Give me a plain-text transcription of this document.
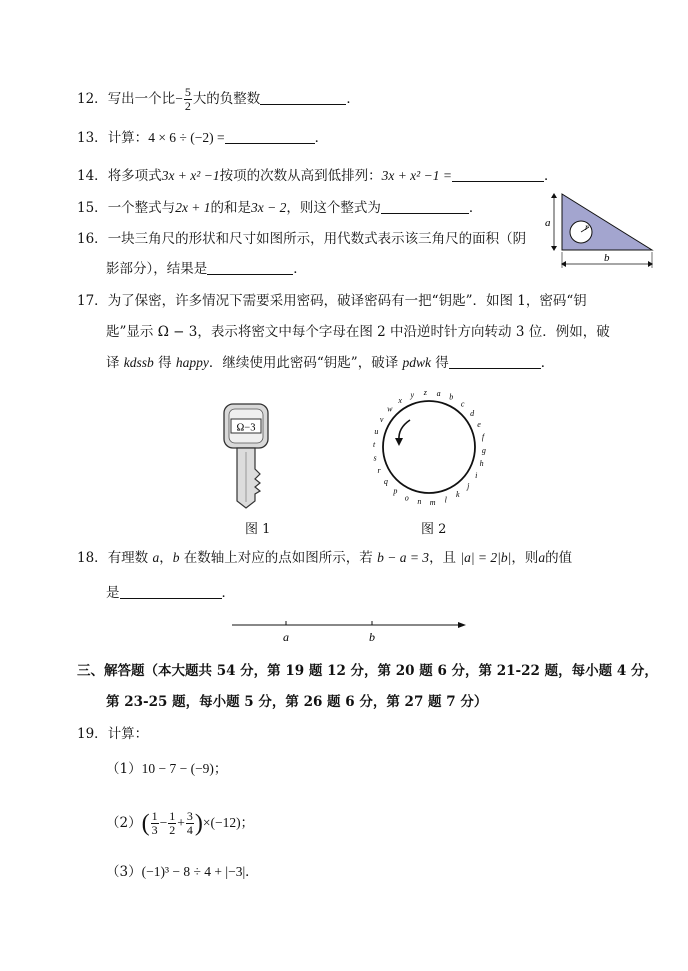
12．写出一个比− $\frac{5}{2}$ 大的负整数	．
13．计算：4 × 6 ÷ (−2) =	．
14．将多项式3x + x² −1按项的次数从高到低排列：3x + x² −1 =	．
15．一个整式与2x + 1的和是3x − 2，则这个整式为	．
16．一块三角尺的形状和尺寸如图所示，用代数式表示该三角尺的面积（阴
影部分），结果是	．
a	r
b
17．为了保密，许多情况下需要采用密码，破译密码有一把“钥匙”．如图 1，密码“钥
匙”显示 Ω − 3，表示将密文中每个字母在图 2 中沿逆时针方向转动 3 位．例如，破
译 kdssb 得 happy．继续使用此密码“钥匙”，破译 pdwk 得	．
Ω−3
图 1
a b
c
d
e
f
g
h
i
j
k
l
m
n
o
p
q
r
s
t
u
v
w
x
y z
图 2
18．有理数 a，b 在数轴上对应的点如图所示，若 b − a = 3，且 |a| = 2|b|，则a的值
是	．
a	b
三、解答题（本大题共 54 分，第 19 题 12 分，第 20 题 6 分，第 21-22 题，每小题 4 分，
第 23-25 题，每小题 5 分，第 26 题 6 分，第 27 题 7 分）
19．计算：
（1）10 − 7 − (−9)；
$(2)( \frac{1}{3} - \frac{1}{2} + \frac{3}{4} )\times(-12)$；
（3）(−1)³ − 8 ÷ 4 + |−3|．
